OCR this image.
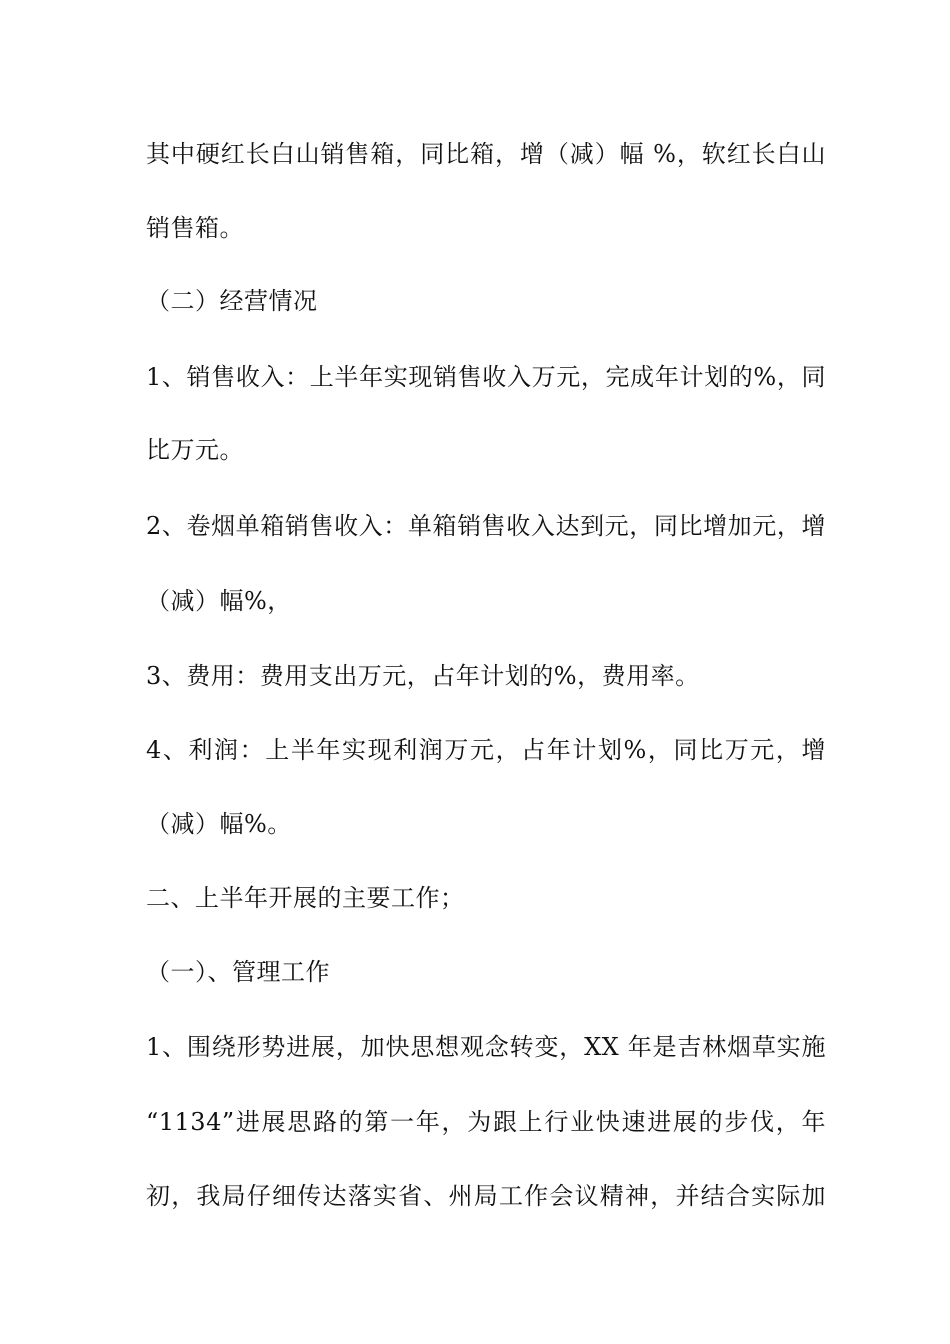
其中硬红长白山销售箱，同比箱，增（减）幅 %，软红长白山
销售箱。
（二）经营情况
1、销售收入：上半年实现销售收入万元，完成年计划的%，同
比万元。
2、卷烟单箱销售收入：单箱销售收入达到元，同比增加元，增
（减）幅%，
3、费用：费用支出万元，占年计划的%，费用率。
4、利润：上半年实现利润万元，占年计划%，同比万元，增
（减）幅%。
二、上半年开展的主要工作；
（一）、管理工作
1、围绕形势进展，加快思想观念转变，XX 年是吉林烟草实施
“1134”进展思路的第一年，为跟上行业快速进展的步伐，年
初，我局仔细传达落实省、州局工作会议精神，并结合实际加
